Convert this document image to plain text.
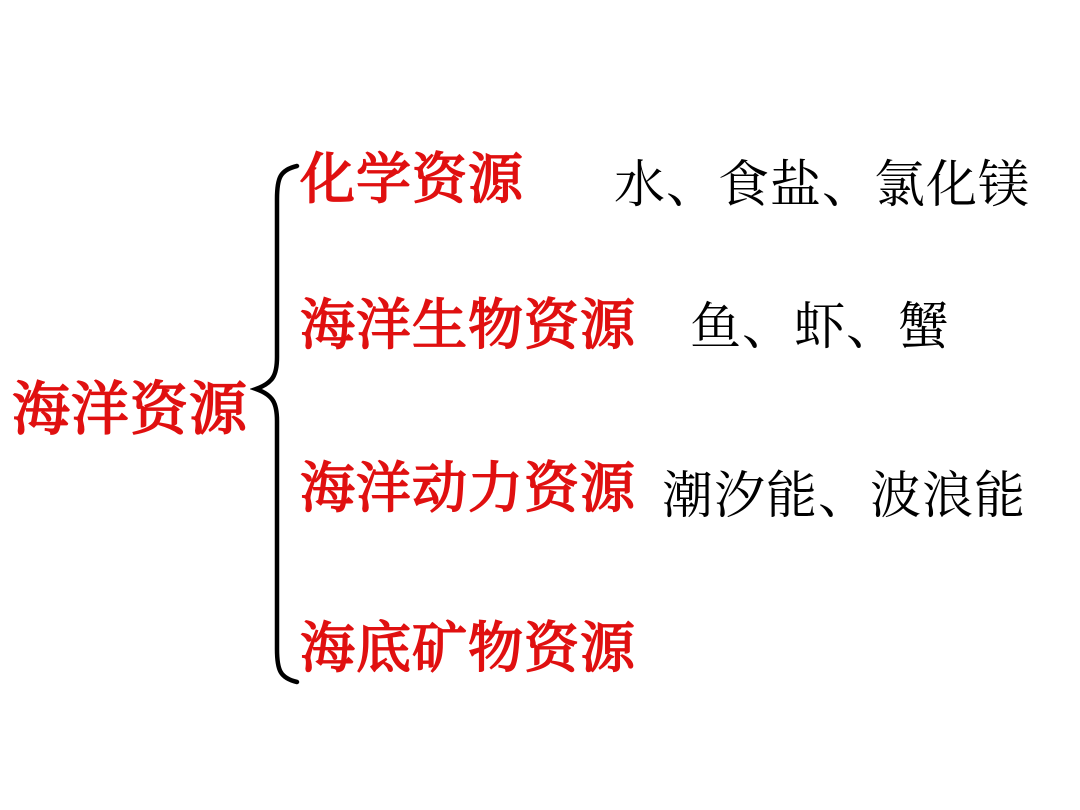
海洋资源
化学资源 水、食盐、氯化镁
海洋生物资源 鱼、虾、蟹
海洋动力资源 潮汐能、波浪能
海底矿物资源
